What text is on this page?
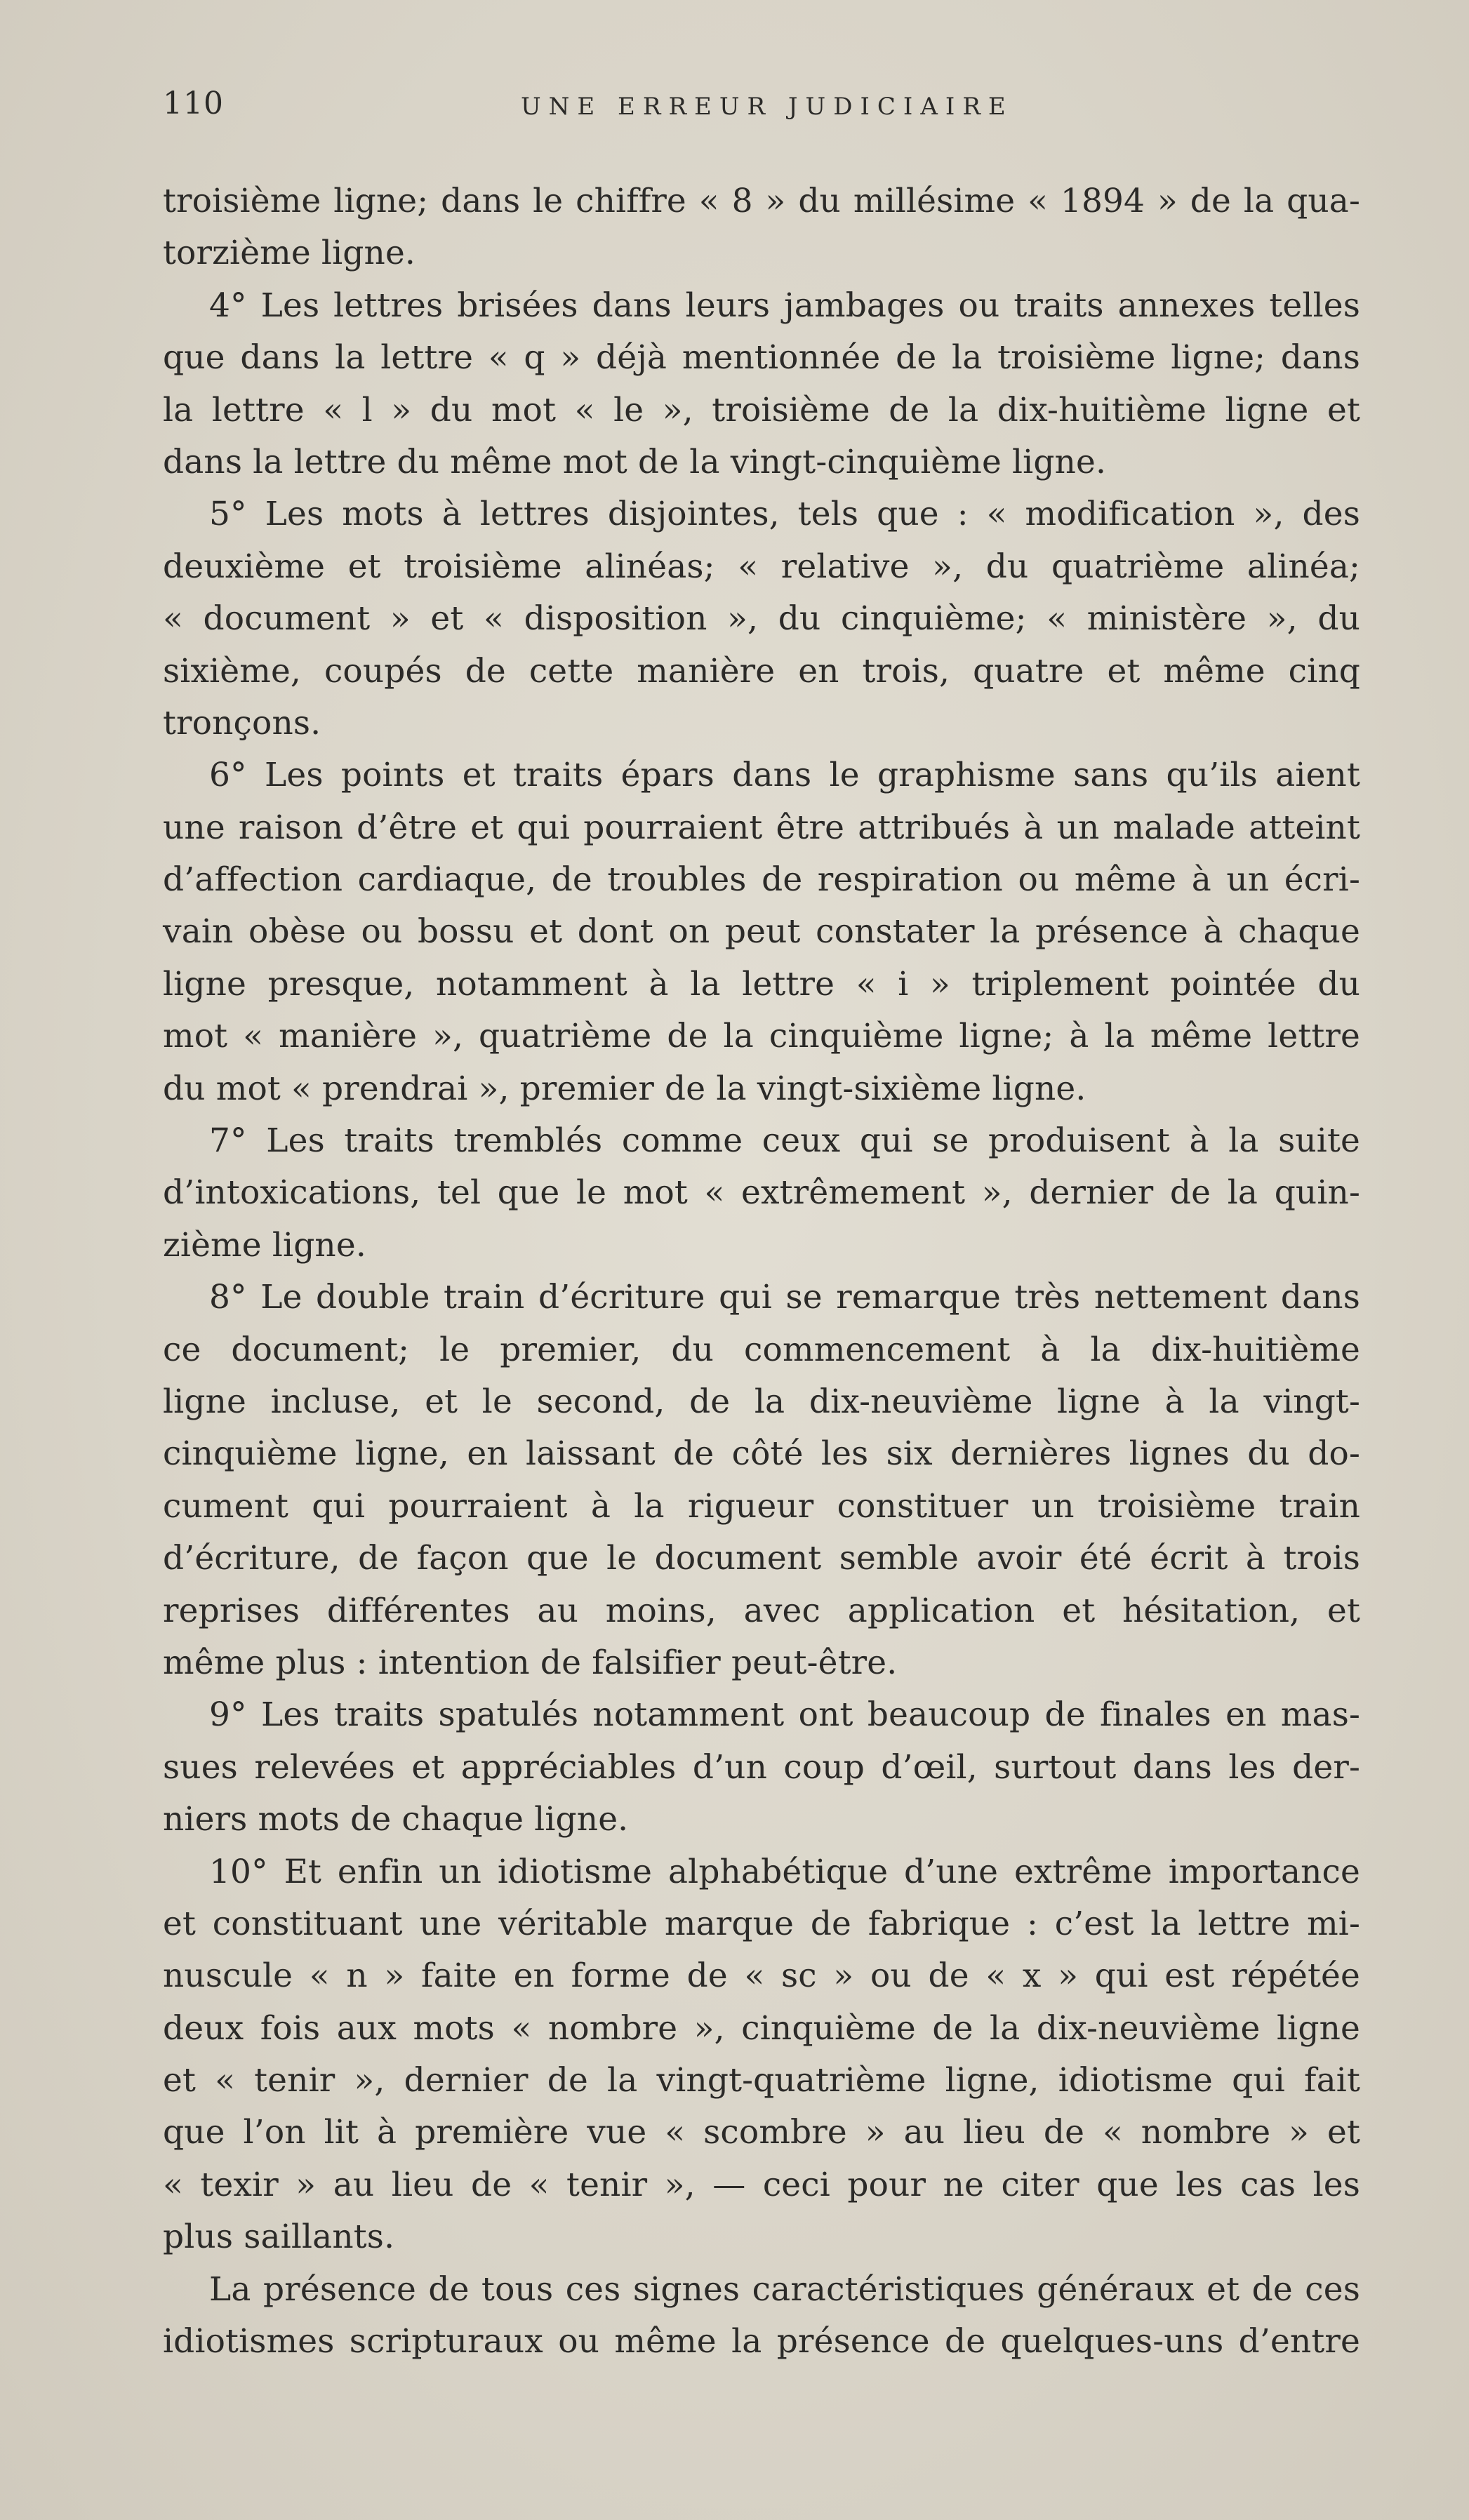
110	UNE ERREUR JUDICIAIRE
troisième ligne; dans le chiffre « 8 » du millésime « 1894 » de la qua-
torzième ligne.
4° Les lettres brisées dans leurs jambages ou traits annexes telles
que dans la lettre « q » déjà mentionnée de la troisième ligne; dans
la lettre « l » du mot « le », troisième de la dix-huitième ligne et
dans la lettre du même mot de la vingt-cinquième ligne.
5° Les mots à lettres disjointes, tels que : « modification », des
deuxième et troisième alinéas; « relative », du quatrième alinéa;
« document » et « disposition », du cinquième; « ministère », du
sixième, coupés de cette manière en trois, quatre et même cinq
tronçons.
6° Les points et traits épars dans le graphisme sans qu’ils aient
une raison d’être et qui pourraient être attribués à un malade atteint
d’affection cardiaque, de troubles de respiration ou même à un écri-
vain obèse ou bossu et dont on peut constater la présence à chaque
ligne presque, notamment à la lettre « i » triplement pointée du
mot « manière », quatrième de la cinquième ligne; à la même lettre
du mot « prendrai », premier de la vingt-sixième ligne.
7° Les traits tremblés comme ceux qui se produisent à la suite
d’intoxications, tel que le mot « extrêmement », dernier de la quin-
zième ligne.
8° Le double train d’écriture qui se remarque très nettement dans
ce document; le premier, du commencement à la dix-huitième
ligne incluse, et le second, de la dix-neuvième ligne à la vingt-
cinquième ligne, en laissant de côté les six dernières lignes du do-
cument qui pourraient à la rigueur constituer un troisième train
d’écriture, de façon que le document semble avoir été écrit à trois
reprises différentes au moins, avec application et hésitation, et
même plus : intention de falsifier peut-être.
9° Les traits spatulés notamment ont beaucoup de finales en mas-
sues relevées et appréciables d’un coup d’œil, surtout dans les der-
niers mots de chaque ligne.
10° Et enfin un idiotisme alphabétique d’une extrême importance
et constituant une véritable marque de fabrique : c’est la lettre mi-
nuscule « n » faite en forme de « sc » ou de « x » qui est répétée
deux fois aux mots « nombre », cinquième de la dix-neuvième ligne
et « tenir », dernier de la vingt-quatrième ligne, idiotisme qui fait
que l’on lit à première vue « scombre » au lieu de « nombre » et
« texir » au lieu de « tenir », — ceci pour ne citer que les cas les
plus saillants.
La présence de tous ces signes caractéristiques généraux et de ces
idiotismes scripturaux ou même la présence de quelques-uns d’entre
